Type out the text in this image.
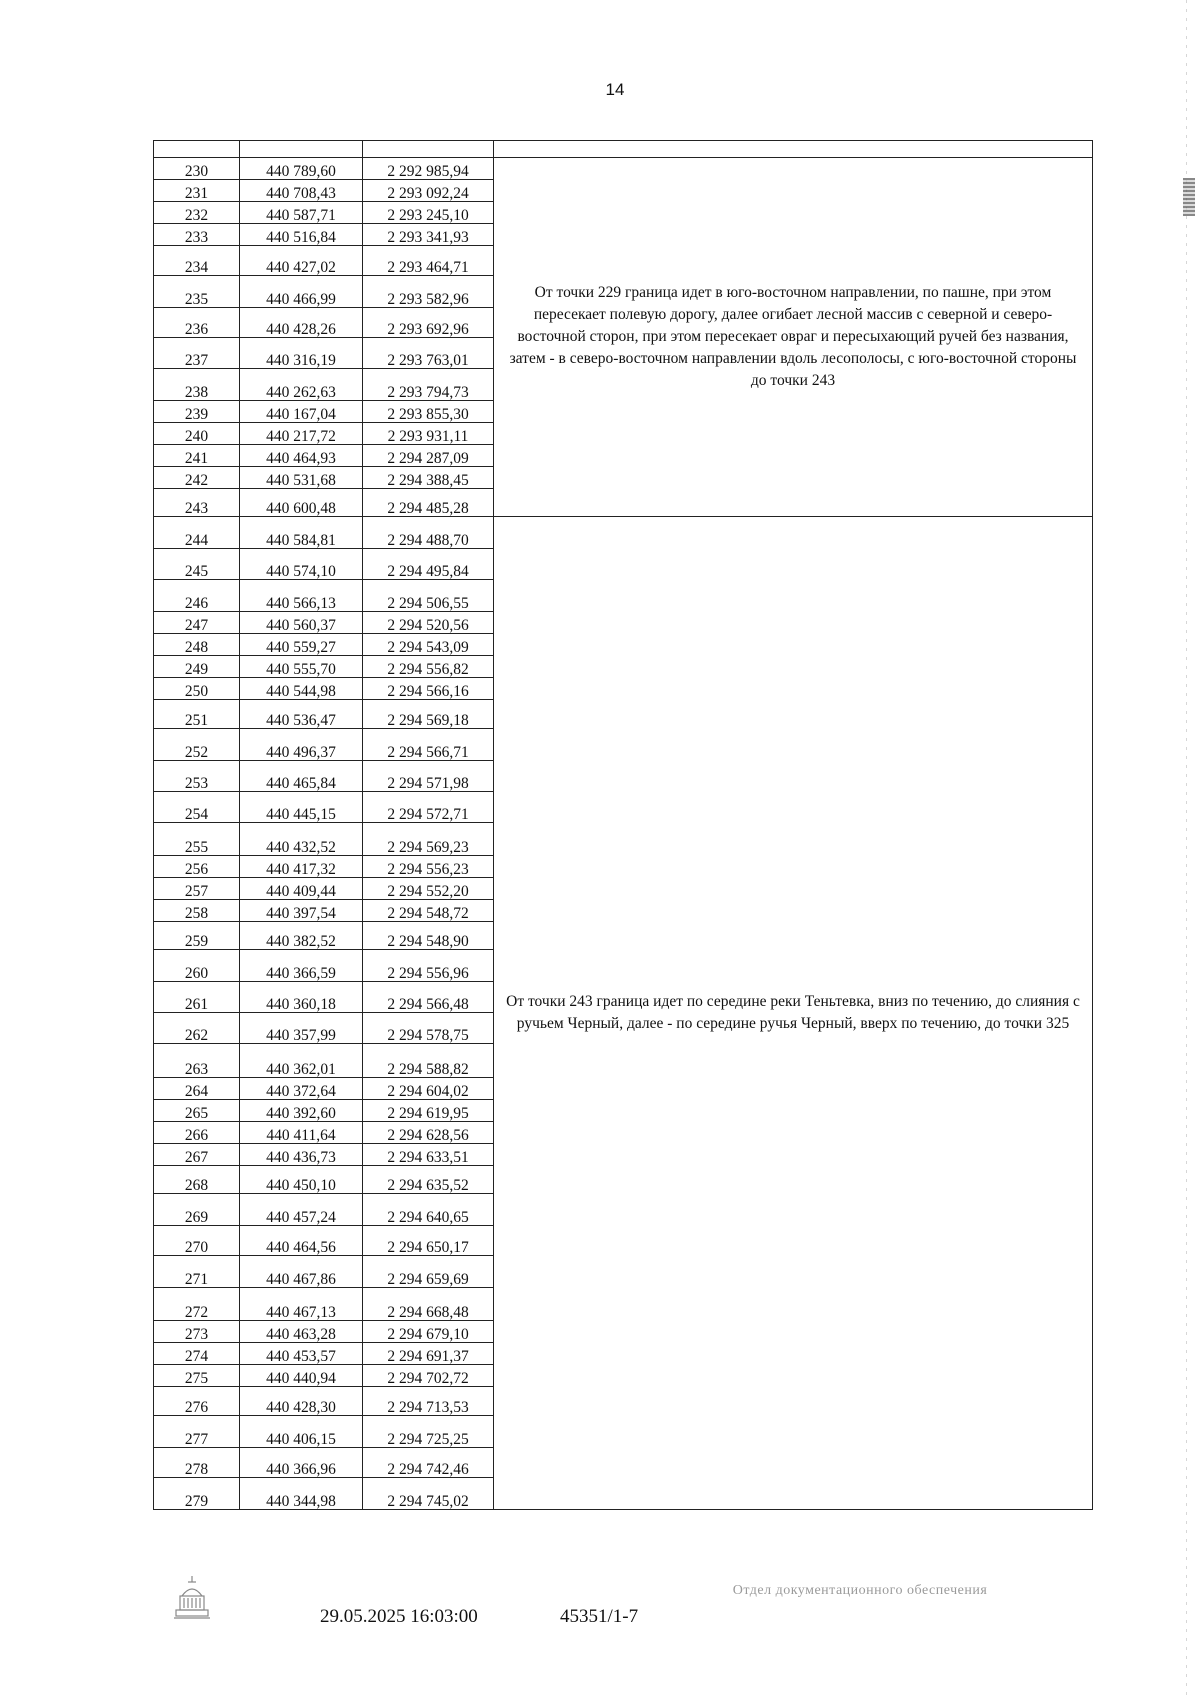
14

230	440 789,60	2 292 985,94	От точки 229 граница идет в юго-восточном направлении, по пашне, при этом пересекает полевую дорогу, далее огибает лесной массив с северной и северо-восточной сторон, при этом пересекает овраг и пересыхающий ручей без названия, затем - в северо-восточном направлении вдоль лесополосы, с юго-восточной стороны до точки 243
231	440 708,43	2 293 092,24	
232	440 587,71	2 293 245,10	
233	440 516,84	2 293 341,93	
234	440 427,02	2 293 464,71	
235	440 466,99	2 293 582,96	
236	440 428,26	2 293 692,96	
237	440 316,19	2 293 763,01	
238	440 262,63	2 293 794,73	
239	440 167,04	2 293 855,30	
240	440 217,72	2 293 931,11	
241	440 464,93	2 294 287,09	
242	440 531,68	2 294 388,45	
243	440 600,48	2 294 485,28	
244	440 584,81	2 294 488,70	От точки 243 граница идет по середине реки Теньтевка, вниз по течению, до слияния с ручьем Черный, далее - по середине ручья Черный, вверх по течению, до точки 325
245	440 574,10	2 294 495,84	
246	440 566,13	2 294 506,55	
247	440 560,37	2 294 520,56	
248	440 559,27	2 294 543,09	
249	440 555,70	2 294 556,82	
250	440 544,98	2 294 566,16	
251	440 536,47	2 294 569,18	
252	440 496,37	2 294 566,71	
253	440 465,84	2 294 571,98	
254	440 445,15	2 294 572,71	
255	440 432,52	2 294 569,23	
256	440 417,32	2 294 556,23	
257	440 409,44	2 294 552,20	
258	440 397,54	2 294 548,72	
259	440 382,52	2 294 548,90	
260	440 366,59	2 294 556,96	
261	440 360,18	2 294 566,48	
262	440 357,99	2 294 578,75	
263	440 362,01	2 294 588,82	
264	440 372,64	2 294 604,02	
265	440 392,60	2 294 619,95	
266	440 411,64	2 294 628,56	
267	440 436,73	2 294 633,51	
268	440 450,10	2 294 635,52	
269	440 457,24	2 294 640,65	
270	440 464,56	2 294 650,17	
271	440 467,86	2 294 659,69	
272	440 467,13	2 294 668,48	
273	440 463,28	2 294 679,10	
274	440 453,57	2 294 691,37	
275	440 440,94	2 294 702,72	
276	440 428,30	2 294 713,53	
277	440 406,15	2 294 725,25	
278	440 366,96	2 294 742,46	
279	440 344,98	2 294 745,02	
29.05.2025 16:03:00	45351/1-7
Отдел документационного обеспечения
